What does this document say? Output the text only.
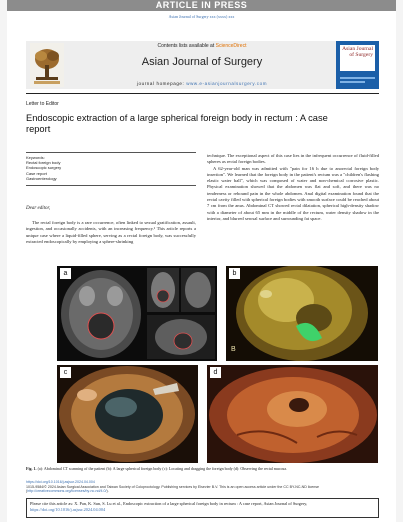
ARTICLE IN PRESS
Asian Journal of Surgery xxx (xxxx) xxx
Contents lists available at ScienceDirect
Asian Journal of Surgery
journal homepage: www.e-asianjournalsurgery.com
Asian Journal of Surgery
Letter to Editor
Endoscopic extraction of a large spherical foreign body in rectum : A case report
Keywords:
Rectal foreign body
Endoscopic surgery
Case report
Gastroenterology
Dear editor,
The rectal foreign body is a rare occurrence, often linked to sexual gratification, assault, ingestion, and occasionally accidents, with an increasing frequency.¹ This article reports a unique case where a liquid-filled sphere, serving as a rectal foreign body, was successfully extracted endoscopically by employing a sphere-shrinking

technique. The exceptional aspect of this case lies in the infrequent occurrence of fluid-filled spheres as rectal foreign bodies.

A 62-year-old man was admitted with "pain for 16 h due to anorectal foreign body insertion". We learned that the foreign body in the patient's rectum was a "children's flashing elastic water ball", which was composed of water and non-chemical corrosive plastic. Physical examination showed that the abdomen was flat and soft, and there was no tenderness or rebound pain in the whole abdomen. Anal digital examination found that the rectal cavity filled with spherical foreign bodies with smooth surface could be reached about 7 cm from the anus. Abdominal CT showed rectal dilatation, spherical high-density shadow with a diameter of about 65 mm in the middle of the rectum, water density shadow in the interior, and blurred serosal surface and surrounding fat space.

a	b
B
c	d
Fig. 1. (a): Abdominal CT scanning of the patient (b): A large spherical foreign body (c): Locating and dragging the foreign body (d): Observing the rectal mucosa.
https://doi.org/10.1016/j.asjsur.2024.04.004
1015-9584/© 2024 Asian Surgical Association and Taiwan Society of Coloproctology. Publishing services by Elsevier B.V. This is an open access article under the CC BY-NC-ND license (http://creativecommons.org/licenses/by-nc-nd/4.0/).
Please cite this article as: X. Pan, K. Sun, S. Lu et al., Endoscopic extraction of a large spherical foreign body in rectum : A case report, Asian Journal of Surgery, https://doi.org/10.1016/j.asjsur.2024.04.004
